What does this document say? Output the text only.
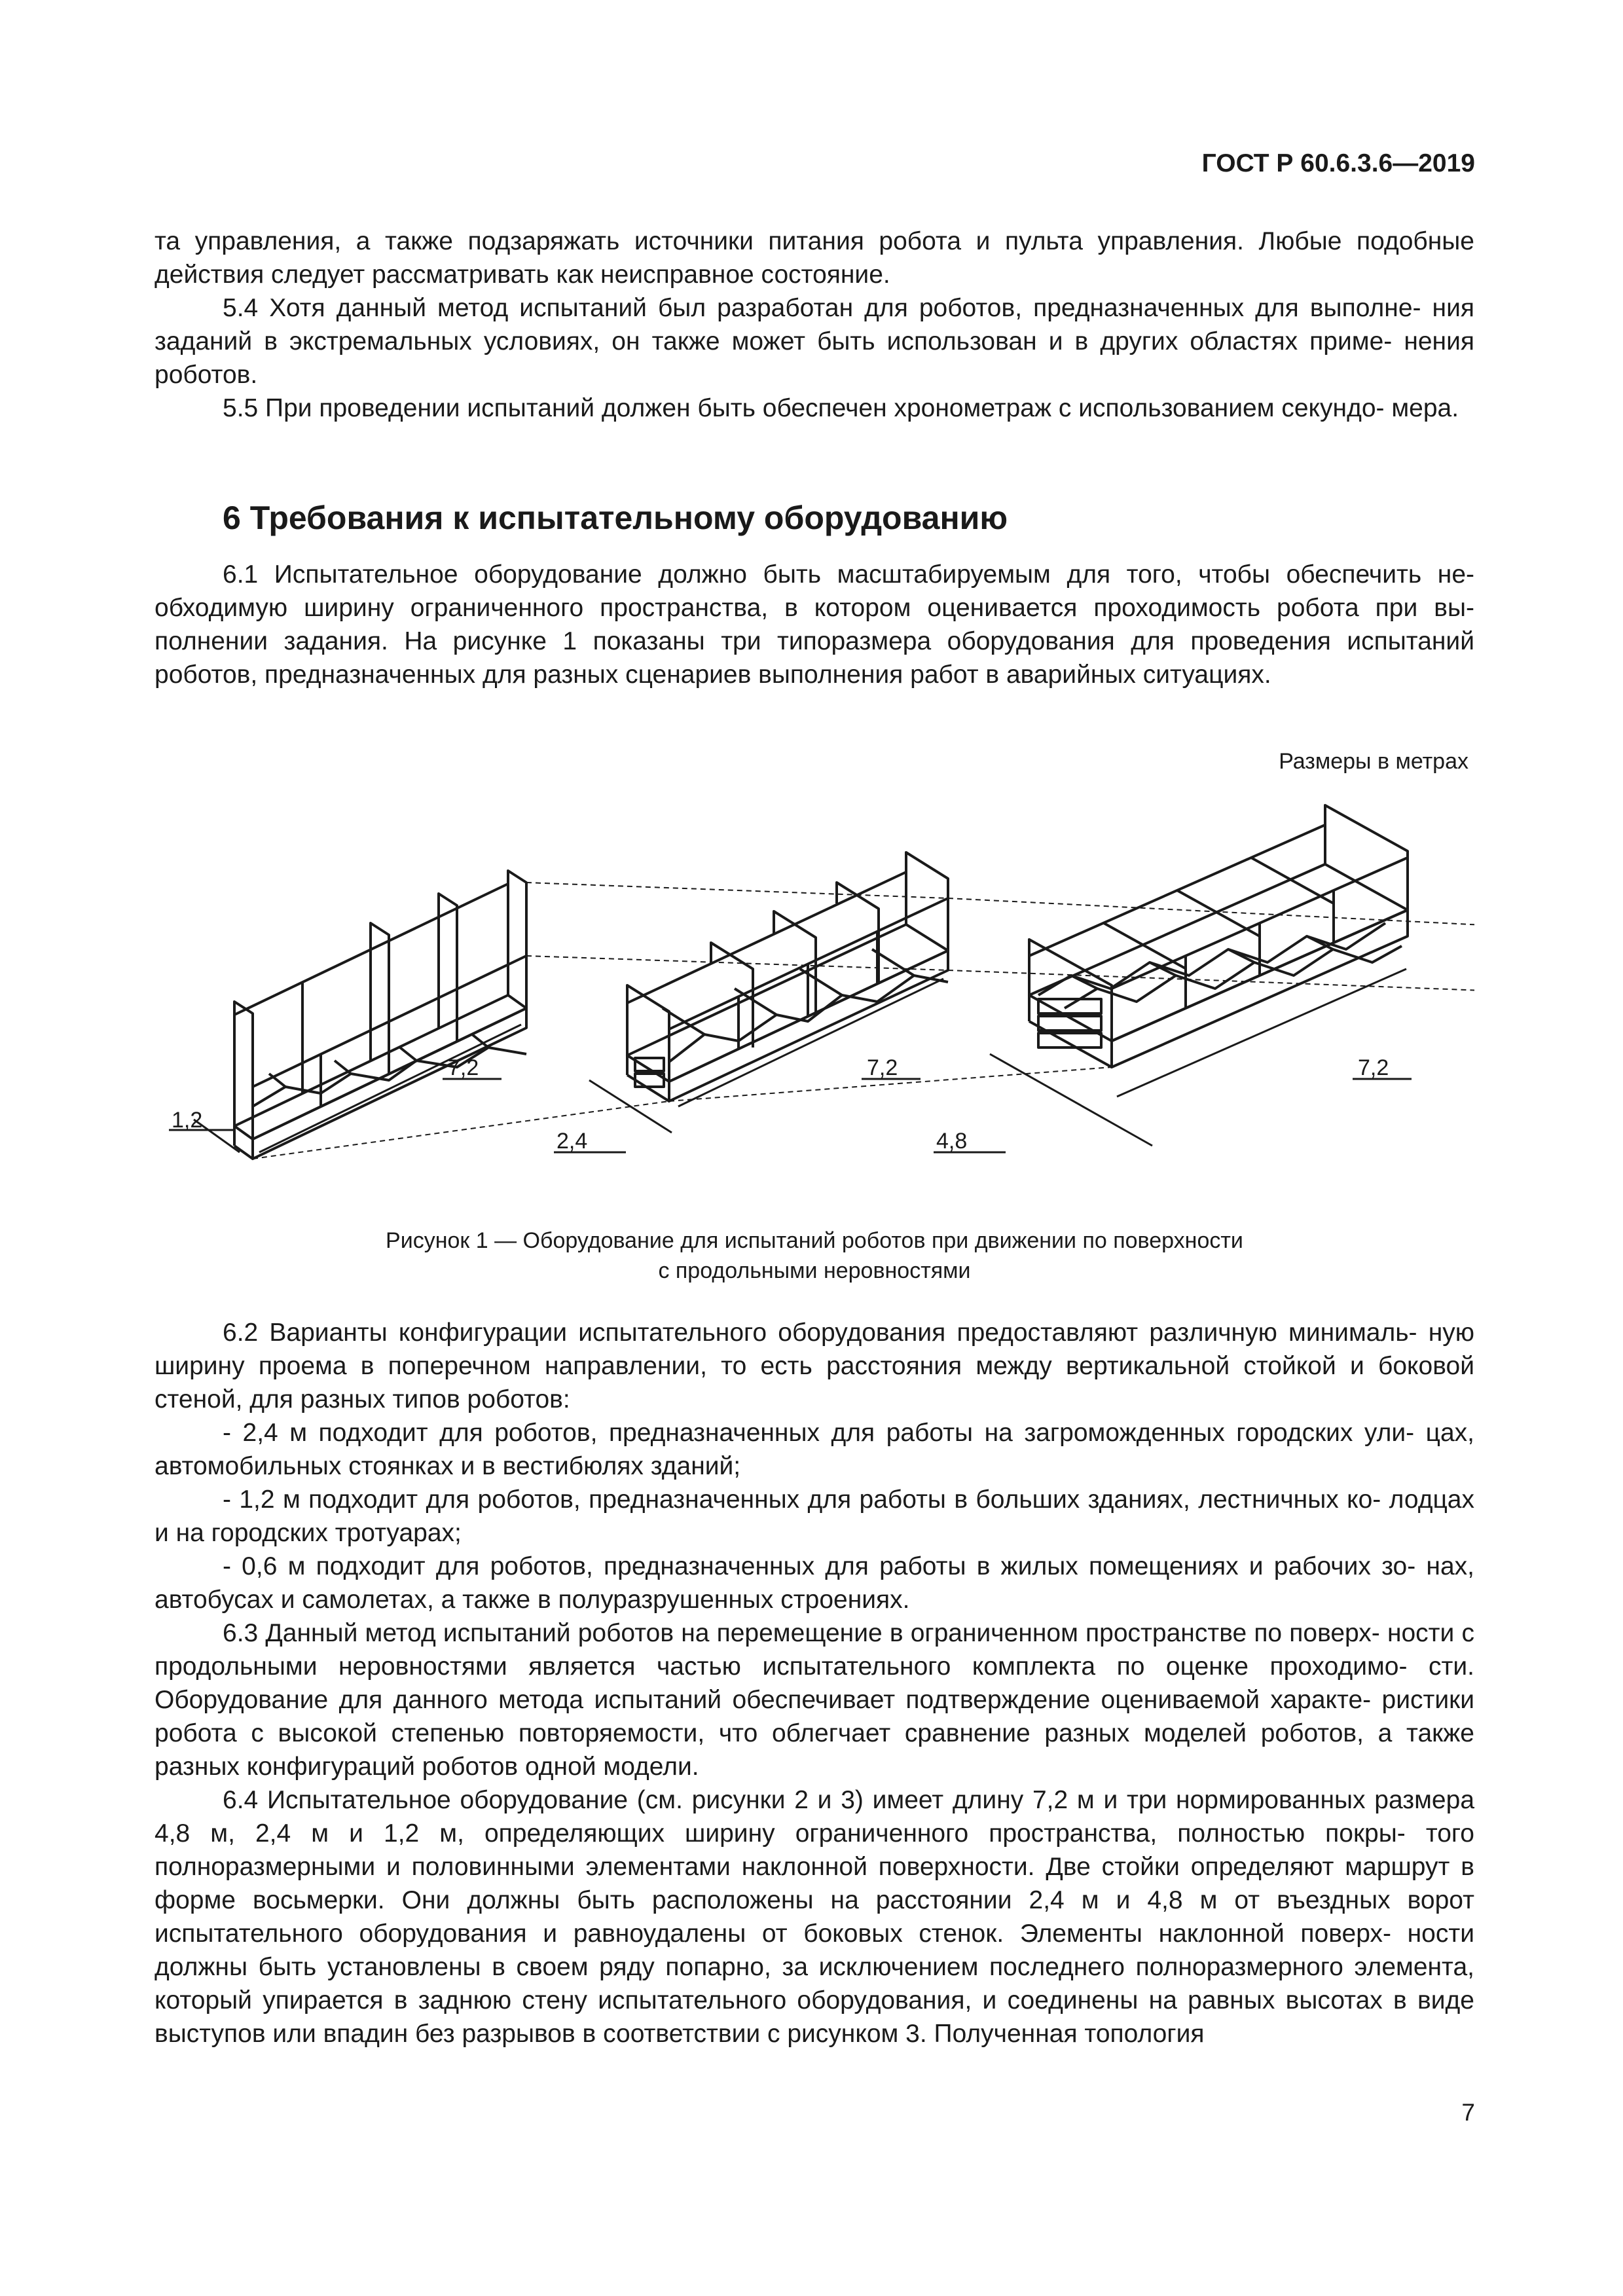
ГОСТ Р 60.6.3.6—2019

та управления, а также подзаряжать источники питания робота и пульта управления. Любые подобные действия следует рассматривать как неисправное состояние.

5.4 Хотя данный метод испытаний был разработан для роботов, предназначенных для выполне- ния заданий в экстремальных условиях, он также может быть использован и в других областях приме- нения роботов.

5.5 При проведении испытаний должен быть обеспечен хронометраж с использованием секундо- мера.

6 Требования к испытательному оборудованию

6.1 Испытательное оборудование должно быть масштабируемым для того, чтобы обеспечить не- обходимую ширину ограниченного пространства, в котором оценивается проходимость робота при вы- полнении задания. На рисунке 1 показаны три типоразмера оборудования для проведения испытаний роботов, предназначенных для разных сценариев выполнения работ в аварийных ситуациях.

Размеры в метрах
1,2
7,2
2,4
7,2
4,8
7,2
Рисунок 1 — Оборудование для испытаний роботов при движении по поверхности
с продольными неровностями

6.2 Варианты конфигурации испытательного оборудования предоставляют различную минималь- ную ширину проема в поперечном направлении, то есть расстояния между вертикальной стойкой и боковой стеной, для разных типов роботов:

- 2,4 м подходит для роботов, предназначенных для работы на загроможденных городских ули- цах, автомобильных стоянках и в вестибюлях зданий;

- 1,2 м подходит для роботов, предназначенных для работы в больших зданиях, лестничных ко- лодцах и на городских тротуарах;

- 0,6 м подходит для роботов, предназначенных для работы в жилых помещениях и рабочих зо- нах, автобусах и самолетах, а также в полуразрушенных строениях.

6.3 Данный метод испытаний роботов на перемещение в ограниченном пространстве по поверх- ности с продольными неровностями является частью испытательного комплекта по оценке проходимо- сти. Оборудование для данного метода испытаний обеспечивает подтверждение оцениваемой характе- ристики робота с высокой степенью повторяемости, что облегчает сравнение разных моделей роботов, а также разных конфигураций роботов одной модели.

6.4 Испытательное оборудование (см. рисунки 2 и 3) имеет длину 7,2 м и три нормированных размера 4,8 м, 2,4 м и 1,2 м, определяющих ширину ограниченного пространства, полностью покры- того полноразмерными и половинными элементами наклонной поверхности. Две стойки определяют маршрут в форме восьмерки. Они должны быть расположены на расстоянии 2,4 м и 4,8 м от въездных ворот испытательного оборудования и равноудалены от боковых стенок. Элементы наклонной поверх- ности должны быть установлены в своем ряду попарно, за исключением последнего полноразмерного элемента, который упирается в заднюю стену испытательного оборудования, и соединены на равных высотах в виде выступов или впадин без разрывов в соответствии с рисунком 3. Полученная топология

7
